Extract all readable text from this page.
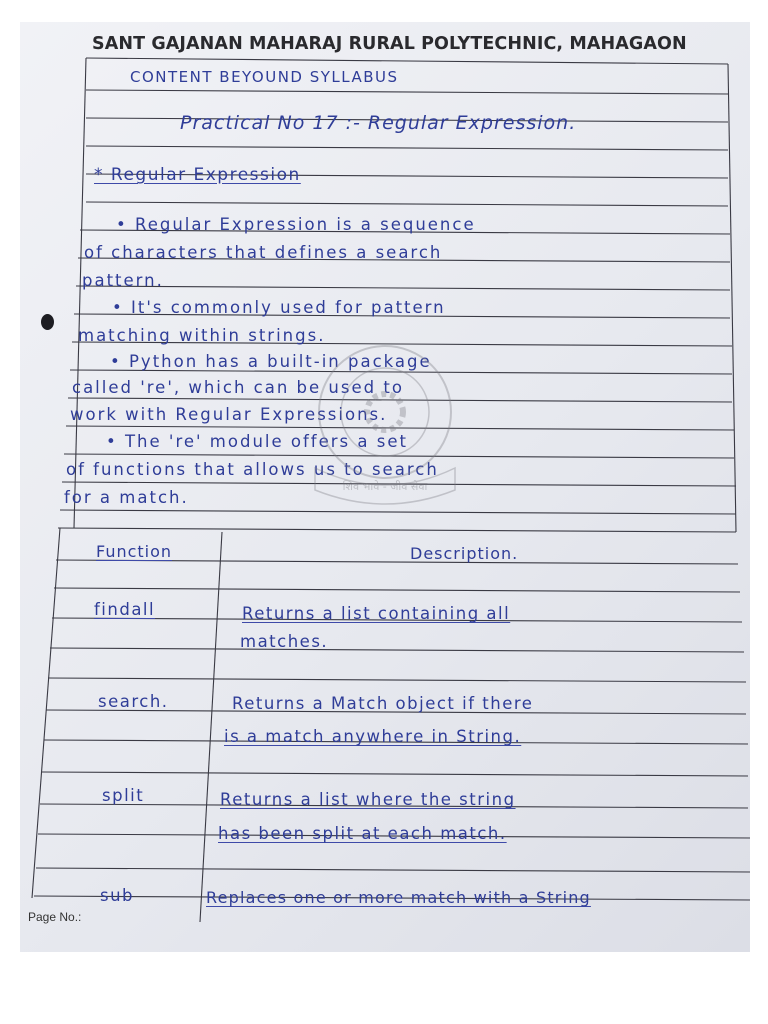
SANT GAJANAN MAHARAJ RURAL POLYTECHNIC, MAHAGAON
CONTENT BEYOUND SYLLABUS
Practical No 17 :- Regular Expression.
* Regular Expression
• Regular Expression is a sequence
of characters that defines a search
pattern.
• It's commonly used for pattern
matching within strings.
• Python has a built-in package
called 're', which can be used to
work with Regular Expressions.
• The 're' module offers a set
of functions that allows us to search
for a match.
शिव भावे - जीव सेवा
Function	Description.
findall	Returns a list containing all
matches.
search.	Returns a Match object if there
is a match anywhere in String.
split	Returns a list where the string
has been split at each match.
sub	Replaces one or more match with a String
Page No.:
